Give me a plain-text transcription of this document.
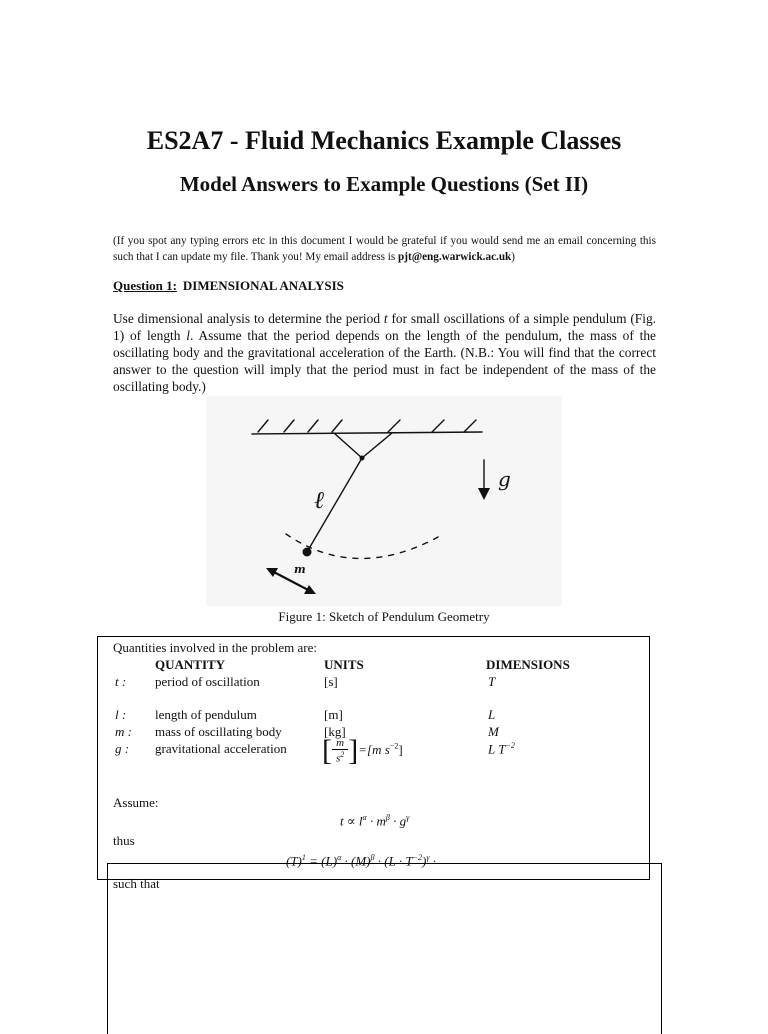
ES2A7 - Fluid Mechanics Example Classes
Model Answers to Example Questions (Set II)
(If you spot any typing errors etc in this document I would be grateful if you would send me an email concerning this such that I can update my file. Thank you! My email address is pjt@eng.warwick.ac.uk)
Question 1: DIMENSIONAL ANALYSIS
Use dimensional analysis to determine the period t for small oscillations of a simple pendulum (Fig. 1) of length l. Assume that the period depends on the length of the pendulum, the mass of the oscillating body and the gravitational acceleration of the Earth. (N.B.: You will find that the correct answer to the question will imply that the period must in fact be independent of the mass of the oscillating body.)
ℓ
g
m
Figure 1: Sketch of Pendulum Geometry
Quantities involved in the problem are:
QUANTITY	UNITS	DIMENSIONS
t : period of oscillation	[s]	T
l : length of pendulum	[m]	L
m : mass of oscillating body	[kg]	M
g : gravitational acceleration [ $\frac{m}{s^2} ]=[m$ $s^{-2}$]	L $T^{-2}$
Assume:
$t \propto l^\alpha \cdot m^\beta \cdot g^\gamma$
thus
$(T)^1 = (L)^\alpha \cdot (M)^\beta \cdot (L \cdot T^{-2})^\gamma$ ·
such that
